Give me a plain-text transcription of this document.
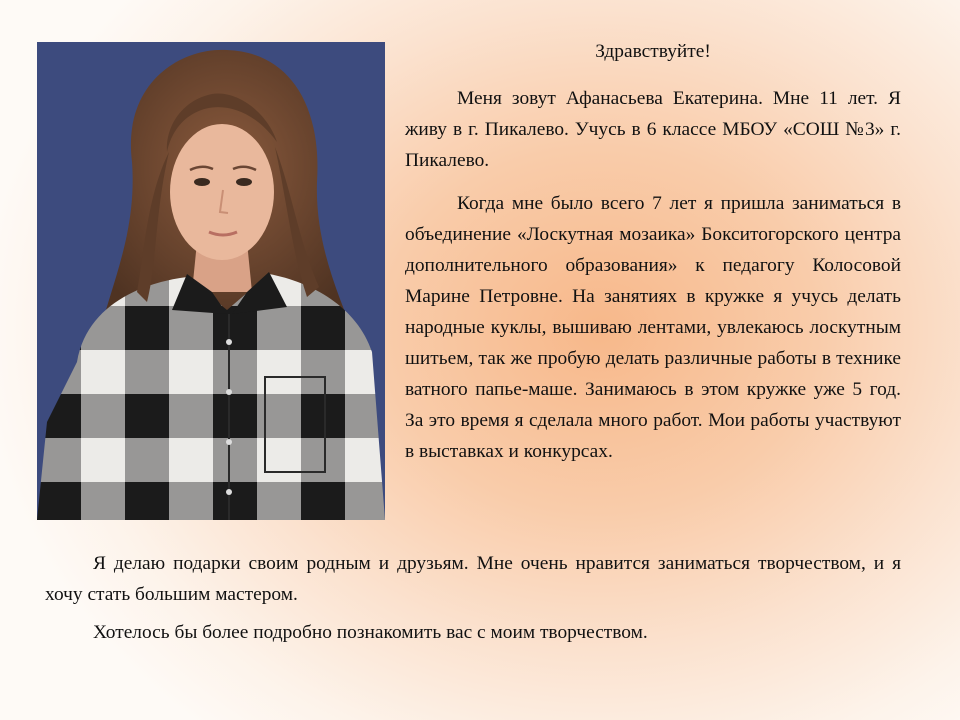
Здравствуйте!

Меня зовут Афанасьева Екатерина. Мне 11 лет. Я живу в г. Пикалево. Учусь в 6 классе МБОУ «СОШ №3» г. Пикалево.

Когда мне было всего 7 лет я пришла заниматься в объединение «Лоскутная мозаика» Бокситогорского центра дополнительного образования» к педагогу Колосовой Марине Петровне. На занятиях в кружке я учусь делать народные куклы, вышиваю лентами, увлекаюсь лоскутным шитьем, так же пробую делать различные работы в технике ватного папье-маше. Занимаюсь в этом кружке уже 5 год. За это время я сделала много работ. Мои работы участвуют в выставках и конкурсах.

Я делаю подарки своим родным и друзьям. Мне очень нравится заниматься творчеством, и я хочу стать большим мастером.

Хотелось бы более подробно познакомить вас с моим творчеством.
